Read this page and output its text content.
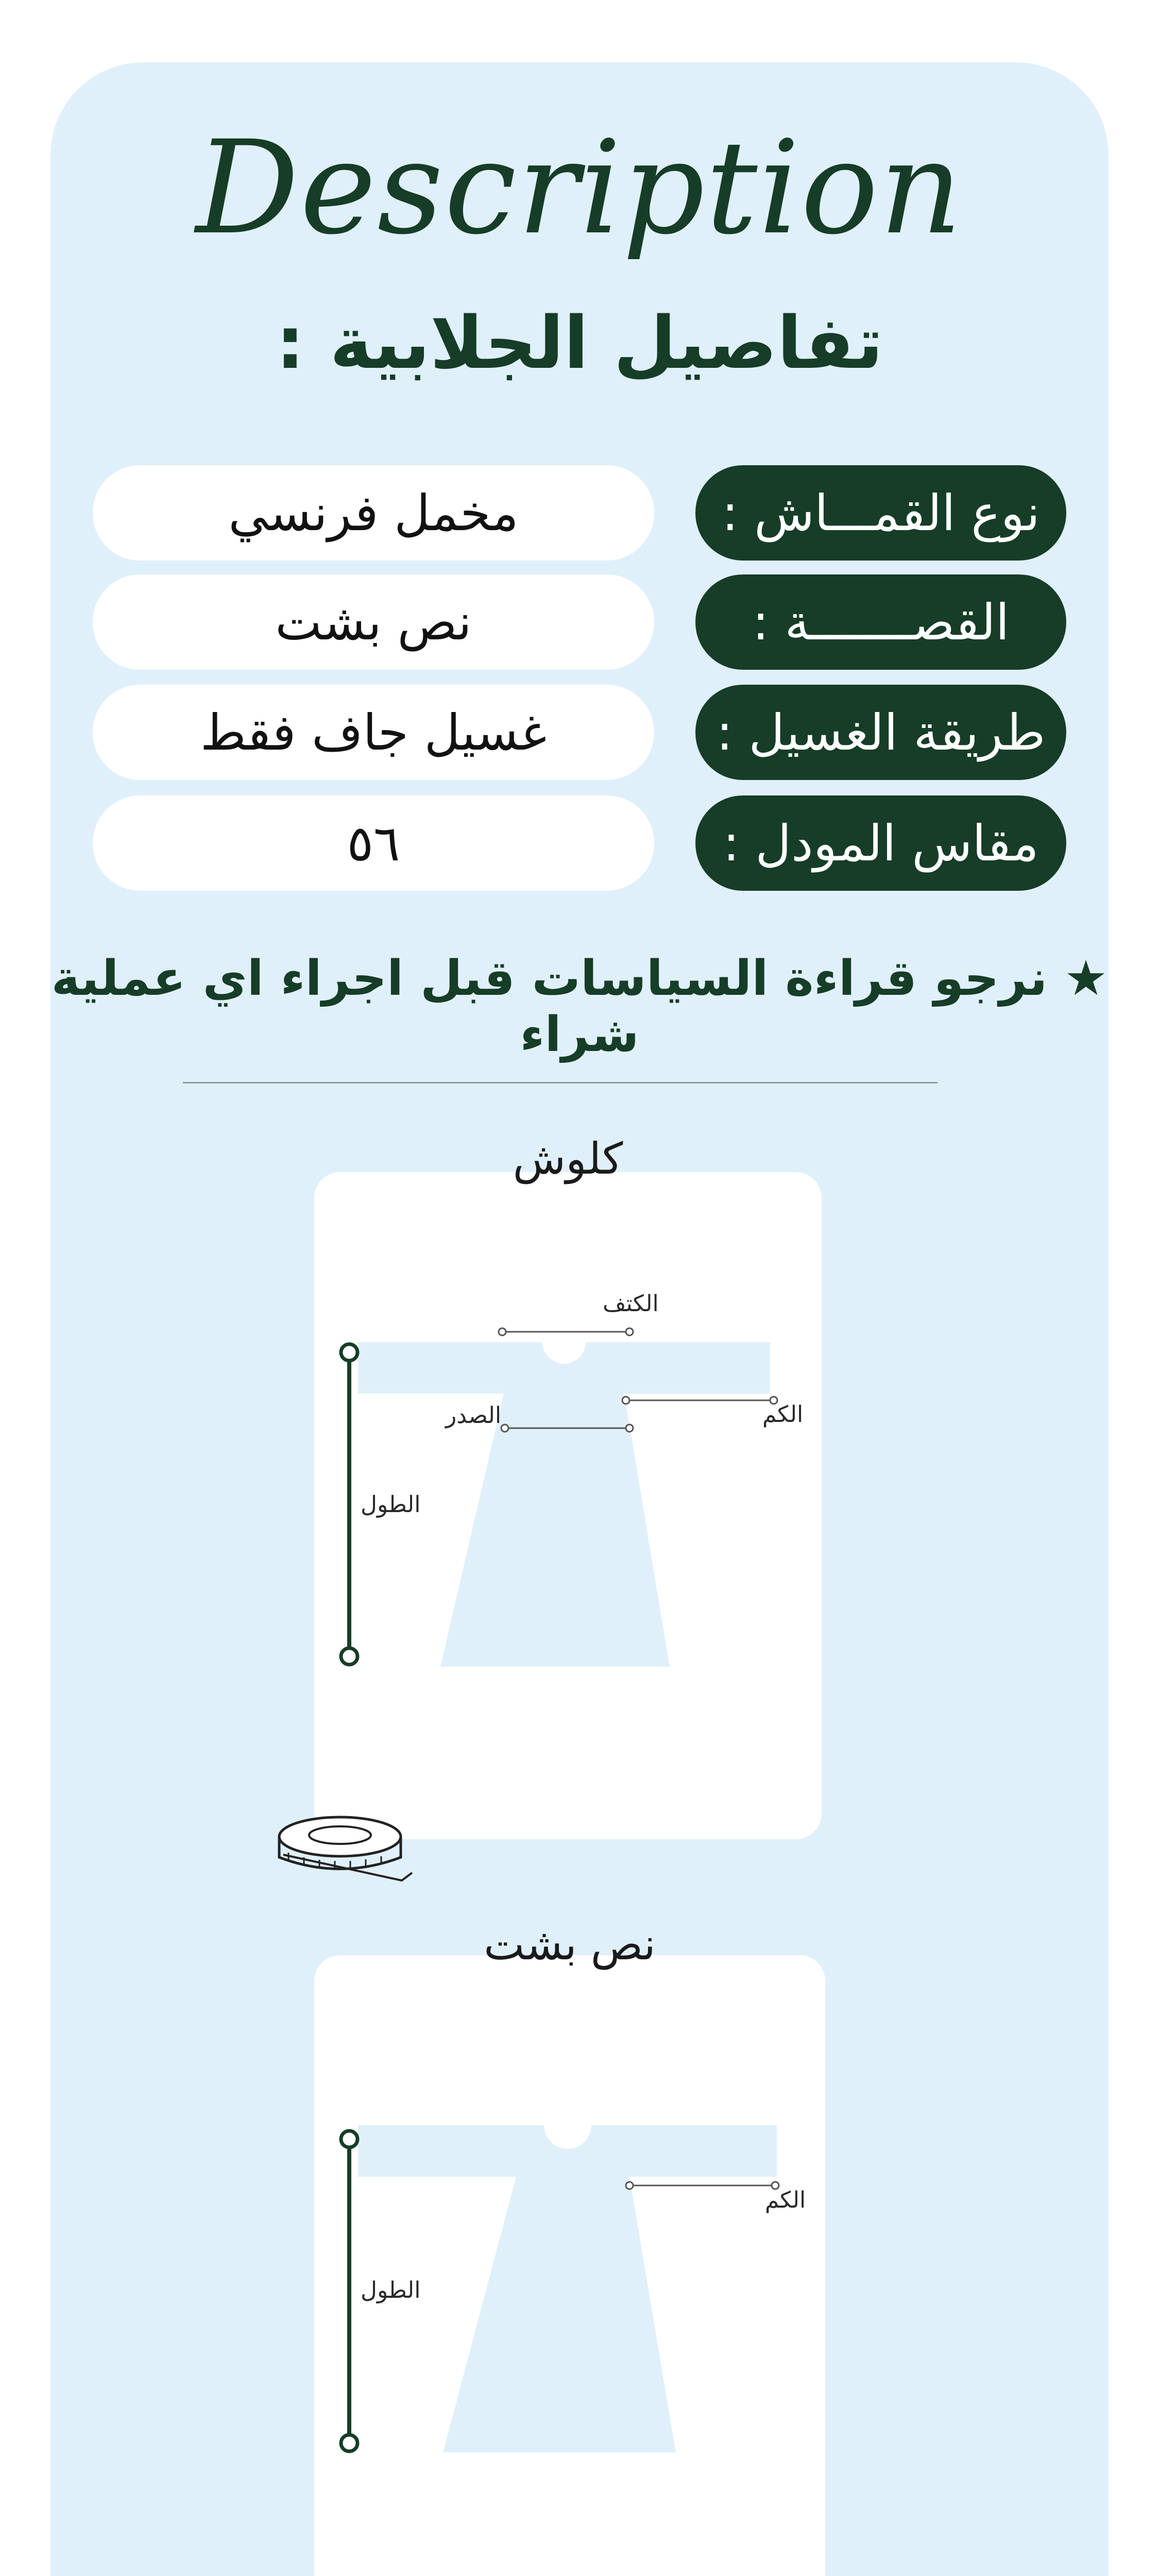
Description
تفاصيل الجلابية :
مخمل فرنسي	نوع القمـــاش :
نص بشت	القصـــــــة :
غسيل جاف فقط	طريقة الغسيل :
٥٦	مقاس المودل :
★ نرجو قراءة السياسات قبل اجراء اي عملية شراء
كلوش
الكتف
الكم
الصدر
الطول
نص بشت
الكم
الطول
